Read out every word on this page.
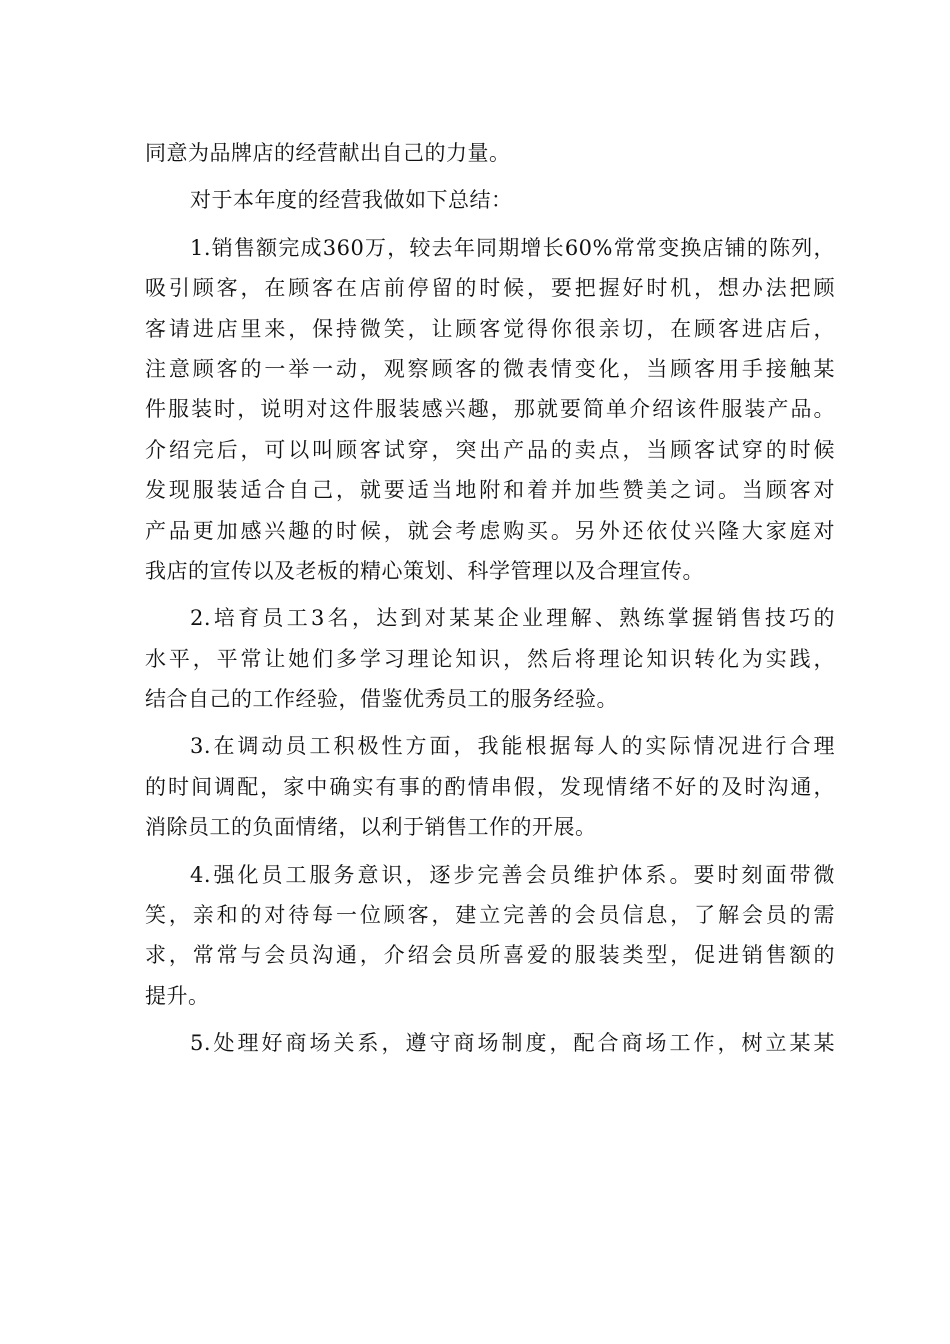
同意为品牌店的经营献出自己的力量。
对于本年度的经营我做如下总结：
1.销售额完成360万，较去年同期增长60%常常变换店铺的陈列，
吸引顾客，在顾客在店前停留的时候，要把握好时机，想办法把顾
客请进店里来，保持微笑，让顾客觉得你很亲切，在顾客进店后，
注意顾客的一举一动，观察顾客的微表情变化，当顾客用手接触某
件服装时，说明对这件服装感兴趣，那就要简单介绍该件服装产品。
介绍完后，可以叫顾客试穿，突出产品的卖点，当顾客试穿的时候
发现服装适合自己，就要适当地附和着并加些赞美之词。当顾客对
产品更加感兴趣的时候，就会考虑购买。另外还依仗兴隆大家庭对
我店的宣传以及老板的精心策划、科学管理以及合理宣传。
2.培育员工3名，达到对某某企业理解、熟练掌握销售技巧的
水平，平常让她们多学习理论知识，然后将理论知识转化为实践，
结合自己的工作经验，借鉴优秀员工的服务经验。
3.在调动员工积极性方面，我能根据每人的实际情况进行合理
的时间调配，家中确实有事的酌情串假，发现情绪不好的及时沟通，
消除员工的负面情绪，以利于销售工作的开展。
4.强化员工服务意识，逐步完善会员维护体系。要时刻面带微
笑，亲和的对待每一位顾客，建立完善的会员信息，了解会员的需
求，常常与会员沟通，介绍会员所喜爱的服装类型，促进销售额的
提升。
5.处理好商场关系，遵守商场制度，配合商场工作，树立某某
